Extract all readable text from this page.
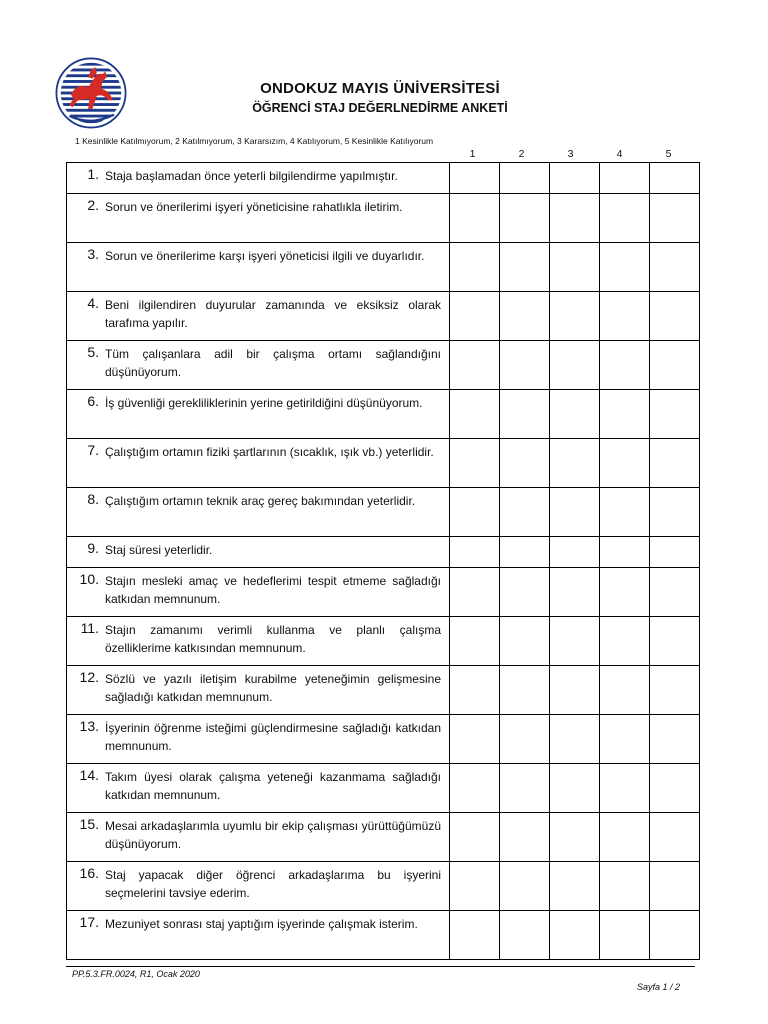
ONDOKUZ MAYIS ÜNİVERSİTESİ
ÖĞRENCİ STAJ DEĞERLNEDİRME ANKETİ
1 Kesinlikle Katılmıyorum, 2 Katılmıyorum, 3 Kararsızım, 4 Katılıyorum, 5 Kesinlikle Katılıyorum
1	2	3	4	5
1. Staja başlamadan önce yeterli bilgilendirme yapılmıştır.					

2. Sorun ve önerilerimi işyeri yöneticisine rahatlıkla iletirim.					

3. Sorun ve önerilerime karşı işyeri yöneticisi ilgili ve duyarlıdır.					

4. Beni ilgilendiren duyurular zamanında ve eksiksiz olarak tarafıma yapılır.					

5. Tüm çalışanlara adil bir çalışma ortamı sağlandığını düşünüyorum.					

6. İş güvenliği gerekliliklerinin yerine getirildiğini düşünüyorum.					

7. Çalıştığım ortamın fiziki şartlarının (sıcaklık, ışık vb.) yeterlidir.					

8. Çalıştığım ortamın teknik araç gereç bakımından yeterlidir.					

9. Staj süresi yeterlidir.					

10. Stajın mesleki amaç ve hedeflerimi tespit etmeme sağladığı katkıdan memnunum.					

11. Stajın zamanımı verimli kullanma ve planlı çalışma özelliklerime katkısından memnunum.					

12. Sözlü ve yazılı iletişim kurabilme yeteneğimin gelişmesine sağladığı katkıdan memnunum.					

13. İşyerinin öğrenme isteğimi güçlendirmesine sağladığı katkıdan memnunum.					

14. Takım üyesi olarak çalışma yeteneği kazanmama sağladığı katkıdan memnunum.					

15. Mesai arkadaşlarımla uyumlu bir ekip çalışması yürüttüğümüzü düşünüyorum.					

16. Staj yapacak diğer öğrenci arkadaşlarıma bu işyerini seçmelerini tavsiye ederim.					

17. Mezuniyet sonrası staj yaptığım işyerinde çalışmak isterim.					

PP.5.3.FR.0024, R1, Ocak 2020
Sayfa 1 / 2
